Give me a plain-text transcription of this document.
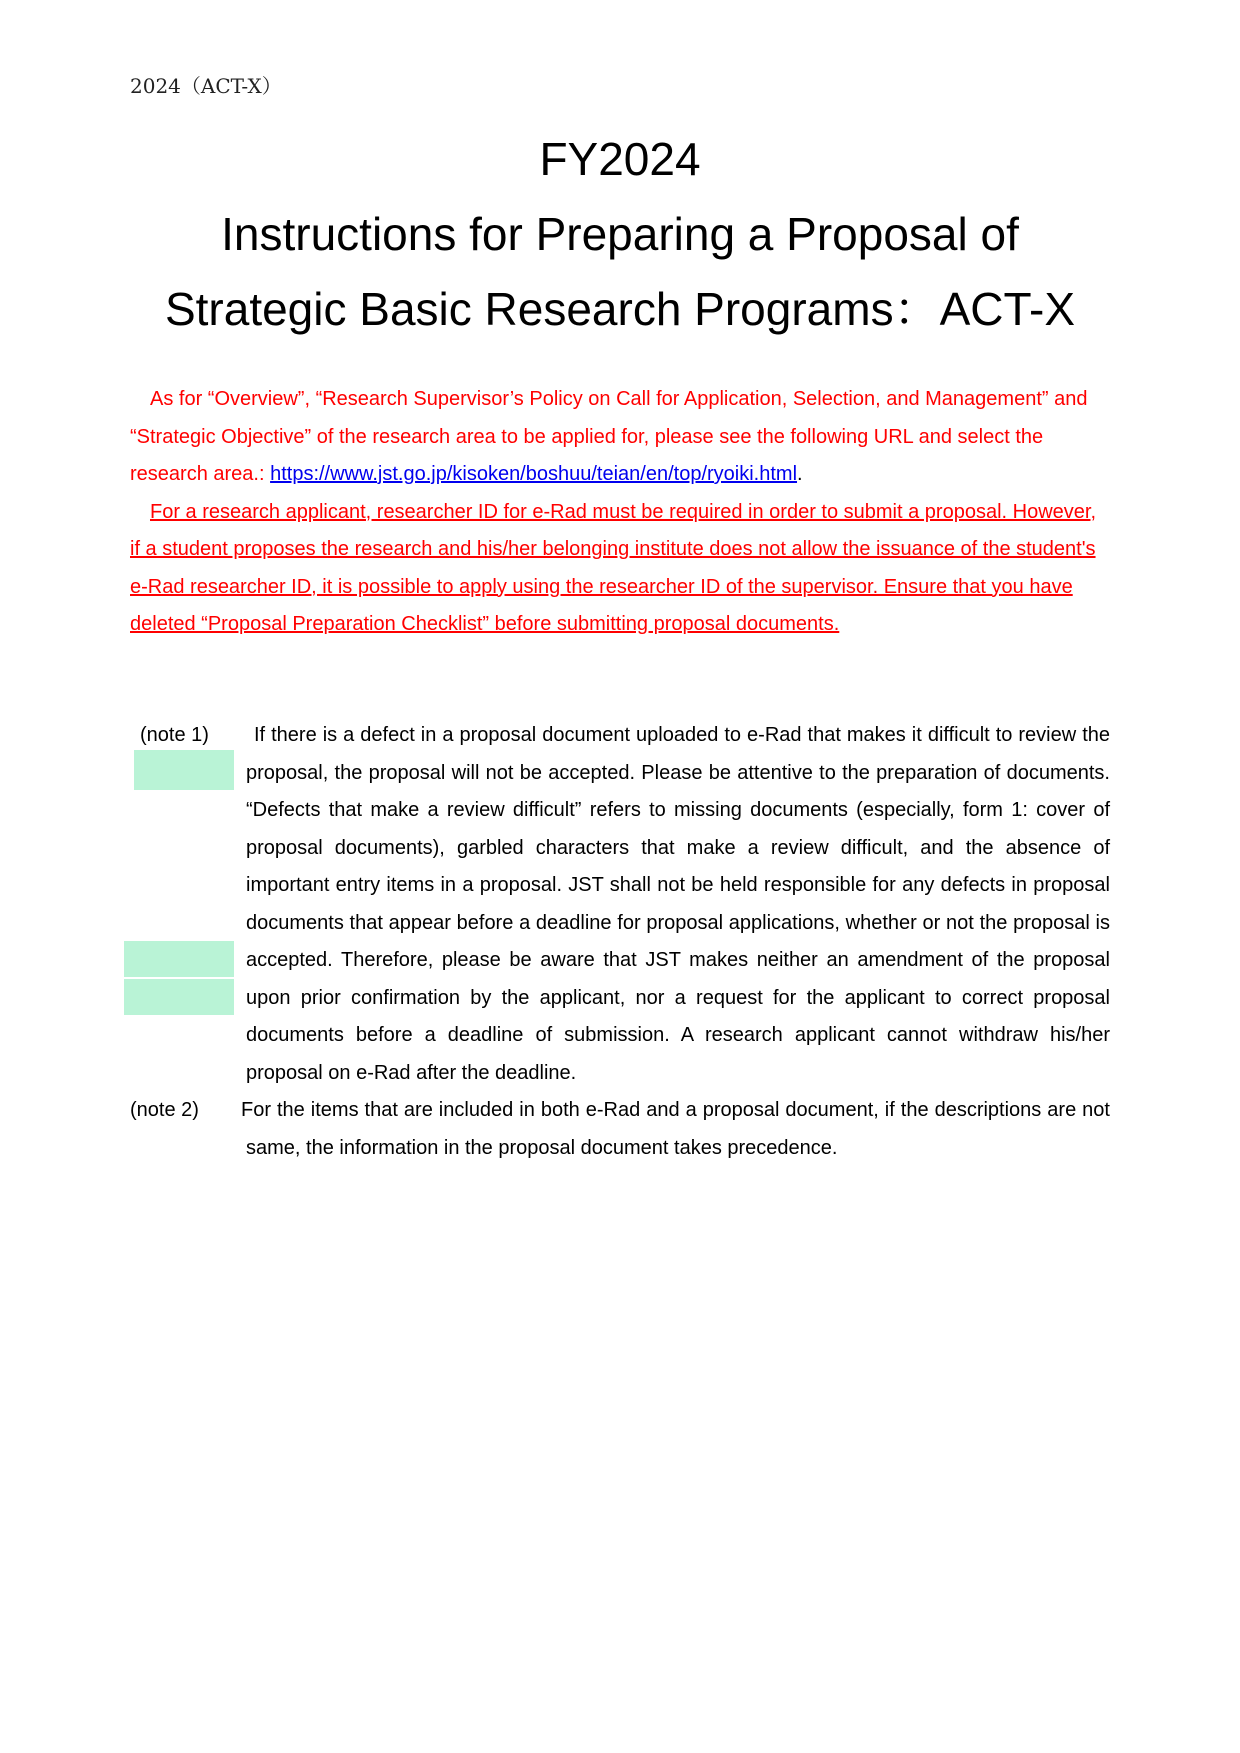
2024（ACT-X）
FY2024
Instructions for Preparing a Proposal of
Strategic Basic Research Programs：ACT-X

As for “Overview”, “Research Supervisor’s Policy on Call for Application, Selection, and Management” and “Strategic Objective” of the research area to be applied for, please see the following URL and select the research area.: https://www.jst.go.jp/kisoken/boshuu/teian/en/top/ryoiki.html.

For a research applicant, researcher ID for e-Rad must be required in order to submit a proposal. However, if a student proposes the research and his/her belonging institute does not allow the issuance of the student's e-Rad researcher ID, it is possible to apply using the researcher ID of the supervisor. Ensure that you have deleted “Proposal Preparation Checklist” before submitting proposal documents.

(note 1)	If there is a defect in a proposal document uploaded to e-Rad that makes it difficult to review the proposal, the proposal will not be accepted. Please be attentive to the preparation of documents. “Defects that make a review difficult” refers to missing documents (especially, form 1: cover of proposal documents), garbled characters that make a review difficult, and the absence of important entry items in a proposal. JST shall not be held responsible for any defects in proposal documents that appear before a deadline for proposal applications, whether or not the proposal is accepted. Therefore, please be aware that JST makes neither an amendment of the proposal upon prior confirmation by the applicant, nor a request for the applicant to correct proposal documents before a deadline of submission. A research applicant cannot withdraw his/her proposal on e-Rad after the deadline.
(note 2) For the items that are included in both e-Rad and a proposal document, if the descriptions are not same, the information in the proposal document takes precedence.
